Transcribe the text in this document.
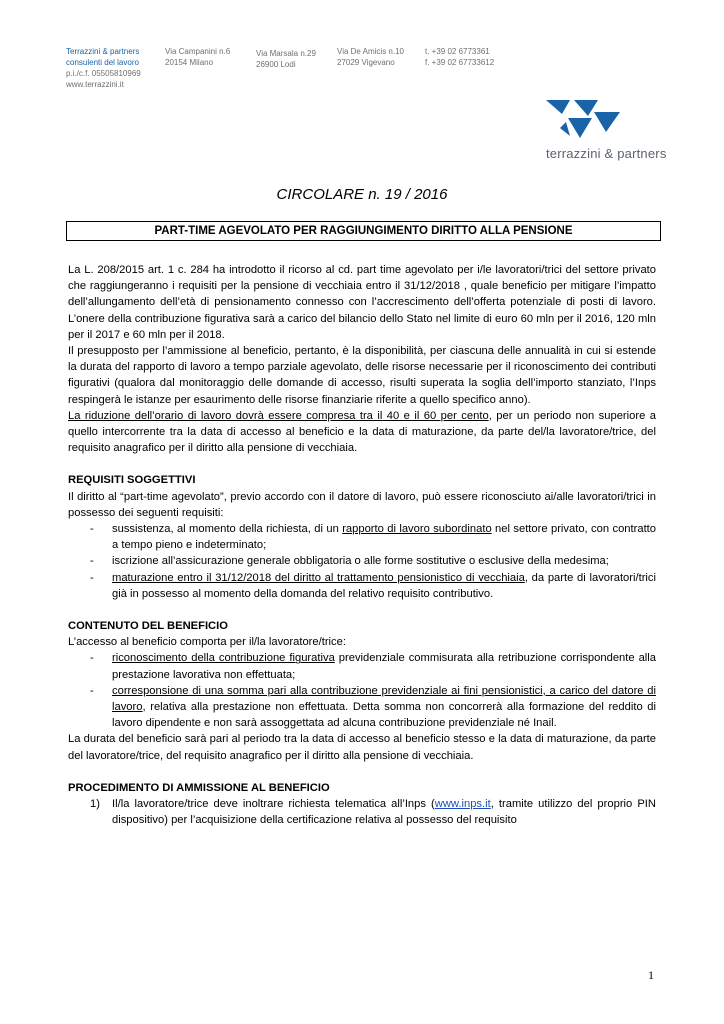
Terrazzini & partners
consulenti del lavoro
p.i./c.f. 05505810969
www.terrazzini.it
Via Campanini n.6
20154 Milano
Via Marsala n.29
26900 Lodi
Via De Amicis n.10
27029 Vigevano
t. +39 02 6773361
f. +39 02 67733612
terrazzini & partners
CIRCOLARE n. 19 / 2016
PART-TIME AGEVOLATO PER RAGGIUNGIMENTO DIRITTO ALLA PENSIONE

La L. 208/2015 art. 1 c. 284 ha introdotto il ricorso al cd. part time agevolato per i/le lavoratori/trici del settore privato che raggiungeranno i requisiti per la pensione di vecchiaia entro il 31/12/2018 , quale beneficio per mitigare l’impatto dell’allungamento dell’età di pensionamento connesso con l’accrescimento dell’offerta potenziale di posti di lavoro. L’onere della contribuzione figurativa sarà a carico del bilancio dello Stato nel limite di euro 60 mln per il 2016, 120 mln per il 2017 e 60 mln per il 2018.

Il presupposto per l’ammissione al beneficio, pertanto, è la disponibilità, per ciascuna delle annualità in cui si estende la durata del rapporto di lavoro a tempo parziale agevolato, delle risorse necessarie per il riconoscimento dei contributi figurativi (qualora dal monitoraggio delle domande di accesso, risulti superata la soglia dell’importo stanziato, l’Inps respingerà le istanze per esaurimento delle risorse finanziarie riferite a quello specifico anno).

La riduzione dell’orario di lavoro dovrà essere compresa tra il 40 e il 60 per cento, per un periodo non superiore a quello intercorrente tra la data di accesso al beneficio e la data di maturazione, da parte del/la lavoratore/trice, del requisito anagrafico per il diritto alla pensione di vecchiaia.

REQUISITI SOGGETTIVI

Il diritto al “part-time agevolato”, previo accordo con il datore di lavoro, può essere riconosciuto ai/alle lavoratori/trici in possesso dei seguenti requisiti:

- sussistenza, al momento della richiesta, di un rapporto di lavoro subordinato nel settore privato, con contratto a tempo pieno e indeterminato;
- iscrizione all’assicurazione generale obbligatoria o alle forme sostitutive o esclusive della medesima;
- maturazione entro il 31/12/2018 del diritto al trattamento pensionistico di vecchiaia, da parte di lavoratori/trici già in possesso al momento della domanda del relativo requisito contributivo.

CONTENUTO DEL BENEFICIO

L’accesso al beneficio comporta per il/la lavoratore/trice:

- riconoscimento della contribuzione figurativa previdenziale commisurata alla retribuzione corrispondente alla prestazione lavorativa non effettuata;
- corresponsione di una somma pari alla contribuzione previdenziale ai fini pensionistici, a carico del datore di lavoro, relativa alla prestazione non effettuata. Detta somma non concorrerà alla formazione del reddito di lavoro dipendente e non sarà assoggettata ad alcuna contribuzione previdenziale né Inail.

La durata del beneficio sarà pari al periodo tra la data di accesso al beneficio stesso e la data di maturazione, da parte del lavoratore/trice, del requisito anagrafico per il diritto alla pensione di vecchiaia.

PROCEDIMENTO DI AMMISSIONE AL BENEFICIO

1) Il/la lavoratore/trice deve inoltrare richiesta telematica all’Inps (www.inps.it, tramite utilizzo del proprio PIN dispositivo) per l’acquisizione della certificazione relativa al possesso del requisito
1
